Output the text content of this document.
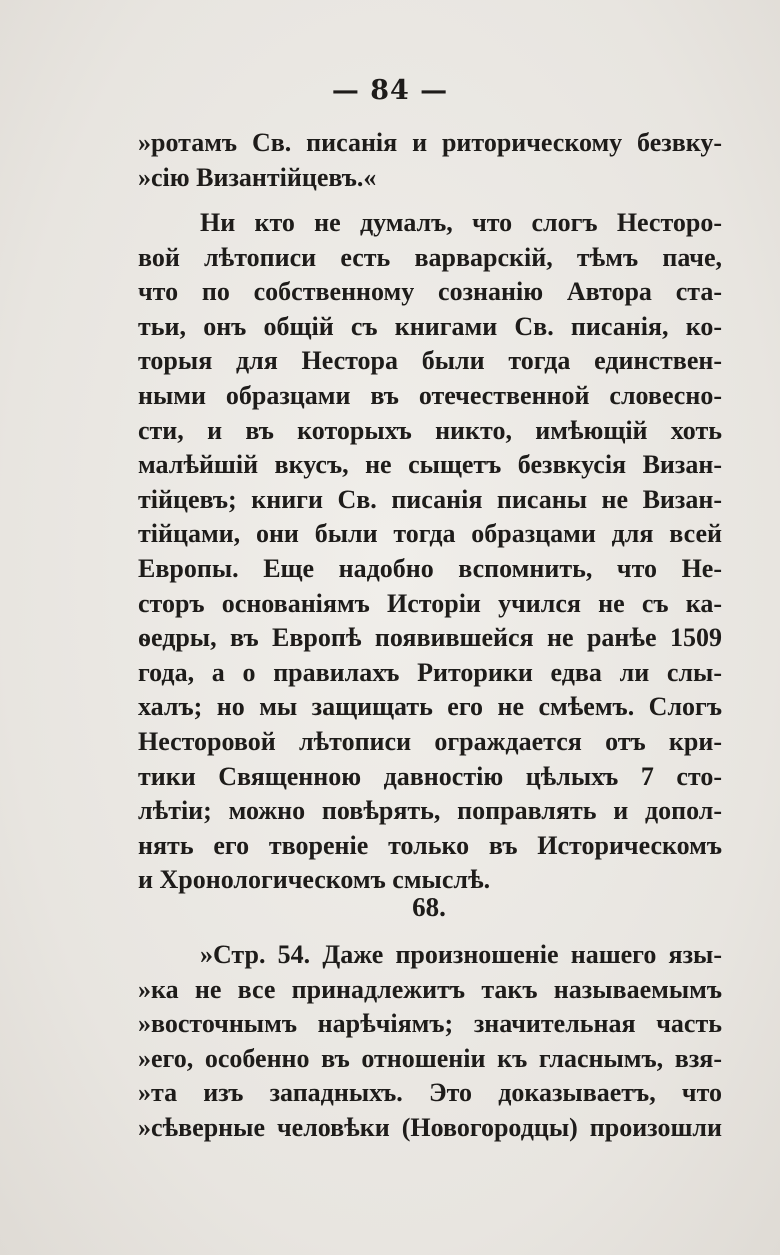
— 84 —
»ротамъ Св. писанія и риторическому безвку-
»сію Византійцевъ.«
Ни кто не думалъ, что слогъ Несторо-
вой лѣтописи есть варварскій, тѣмъ паче,
что по собственному сознанію Автора ста-
тьи, онъ общій съ книгами Св. писанія, ко-
торыя для Нестора были тогда единствен-
ными образцами въ отечественной словесно-
сти, и въ которыхъ никто, имѣющій хоть
малѣйшій вкусъ, не сыщетъ безвкусія Визан-
тійцевъ; книги Св. писанія писаны не Визан-
тійцами, они были тогда образцами для всей
Европы. Еще надобно вспомнить, что Не-
сторъ основаніямъ Исторіи учился не съ ка-
ѳедры, въ Европѣ появившейся не ранѣе 1509
года, а о правилахъ Риторики едва ли слы-
халъ; но мы защищать его не смѣемъ. Слогъ
Несторовой лѣтописи ограждается отъ кри-
тики Священною давностію цѣлыхъ 7 сто-
лѣтіи; можно повѣрять, поправлять и допол-
нять его твореніе только въ Историческомъ
и Хронологическомъ смыслѣ.
68.
»Стр. 54. Даже произношеніе нашего язы-
»ка не все принадлежитъ такъ называемымъ
»восточнымъ нарѣчіямъ; значительная часть
»его, особенно въ отношеніи къ гласнымъ, взя-
»та изъ западныхъ. Это доказываетъ, что
»сѣверные человѣки (Новогородцы) произошли
